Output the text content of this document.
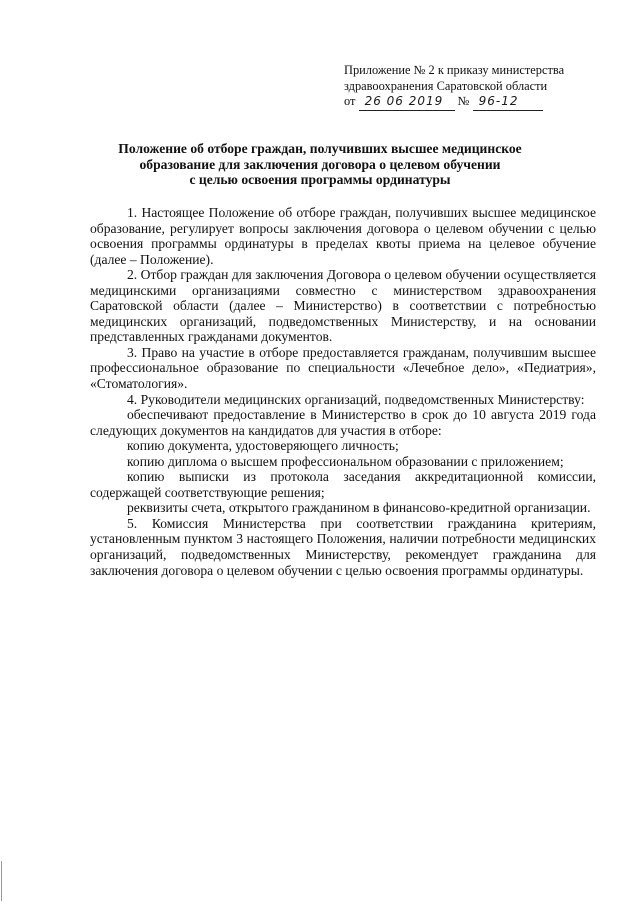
Приложение № 2 к приказу министерства
здравоохранения Саратовской области
от 26 06 2019 № 96-12
Положение об отборе граждан, получивших высшее медицинское
образование для заключения договора о целевом обучении
с целью освоения программы ординатуры

1. Настоящее Положение об отборе граждан, получивших высшее медицинское образование, регулирует вопросы заключения договора о целевом обучении с целью освоения программы ординатуры в пределах квоты приема на целевое обучение (далее – Положение).

2. Отбор граждан для заключения Договора о целевом обучении осуществляется медицинскими организациями совместно с министерством здравоохранения Саратовской области (далее – Министерство) в соответствии с потребностью медицинских организаций, подведомственных Министерству, и на основании представленных гражданами документов.

3. Право на участие в отборе предоставляется гражданам, получившим высшее профессиональное образование по специальности «Лечебное дело», «Педиатрия», «Стоматология».

4. Руководители медицинских организаций, подведомственных Министерству:

обеспечивают предоставление в Министерство в срок до 10 августа 2019 года следующих документов на кандидатов для участия в отборе:

копию документа, удостоверяющего личность;

копию диплома о высшем профессиональном образовании с приложением;

копию выписки из протокола заседания аккредитационной комиссии, содержащей соответствующие решения;

реквизиты счета, открытого гражданином в финансово-кредитной организации.

5. Комиссия Министерства при соответствии гражданина критериям, установленным пунктом 3 настоящего Положения, наличии потребности медицинских организаций, подведомственных Министерству, рекомендует гражданина для заключения договора о целевом обучении с целью освоения программы ординатуры.
